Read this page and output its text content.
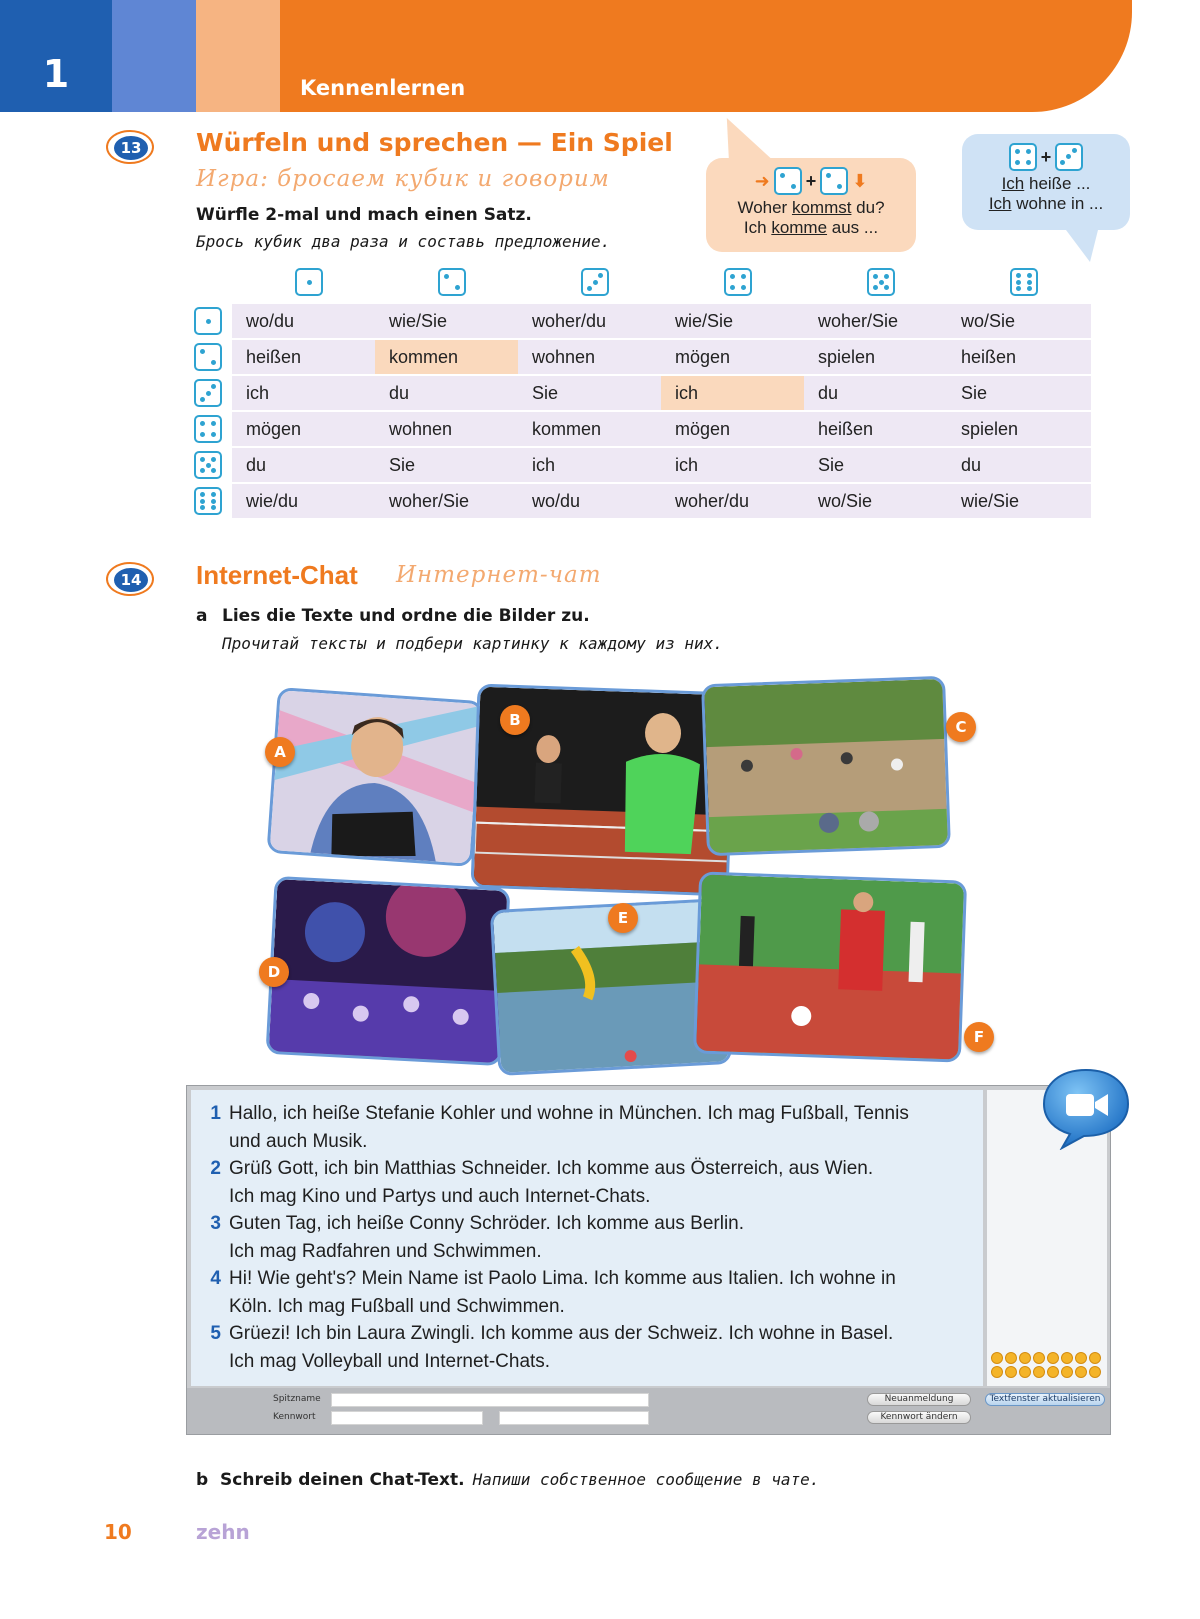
1	Kennenlernen
13 Würfeln und sprechen — Ein Spiel
Игра: бросаем кубик и говорим
Würfle 2-mal und mach einen Satz.
Брось кубик два раза и составь предложение.
➜ + ⬇
Woher kommst du?
Ich komme aus ...
+
Ich heiße ...
Ich wohne in ...
wo/du	wie/Sie	woher/du	wie/Sie	woher/Sie	wo/Sie
heißen	kommen	wohnen	mögen	spielen	heißen
ich	du	Sie	ich	du	Sie
mögen	wohnen	kommen	mögen	heißen	spielen
du	Sie	ich	ich	Sie	du
wie/du	woher/Sie	wo/du	woher/du	wo/Sie	wie/Sie
14 Internet-Chat Интернет-чат
a Lies die Texte und ordne die Bilder zu.
Прочитай тексты и подбери картинку к каждому из них.
A
B	C
D
E
F
1 Hallo, ich heiße Stefanie Kohler und wohne in München. Ich mag Fußball, Tennis
und auch Musik.
2 Grüß Gott, ich bin Matthias Schneider. Ich komme aus Österreich, aus Wien.
Ich mag Kino und Partys und auch Internet-Chats.
3 Guten Tag, ich heiße Conny Schröder. Ich komme aus Berlin.
Ich mag Radfahren und Schwimmen.
4 Hi! Wie geht's? Mein Name ist Paolo Lima. Ich komme aus Italien. Ich wohne in
Köln. Ich mag Fußball und Schwimmen.
5 Grüezi! Ich bin Laura Zwingli. Ich komme aus der Schweiz. Ich wohne in Basel.
Ich mag Volleyball und Internet-Chats.
Spitzname
Kennwort
Neuanmeldung
Kennwort ändern
Textfenster aktualisieren
b Schreib deinen Chat-Text. Напиши собственное сообщение в чате.
10	zehn
